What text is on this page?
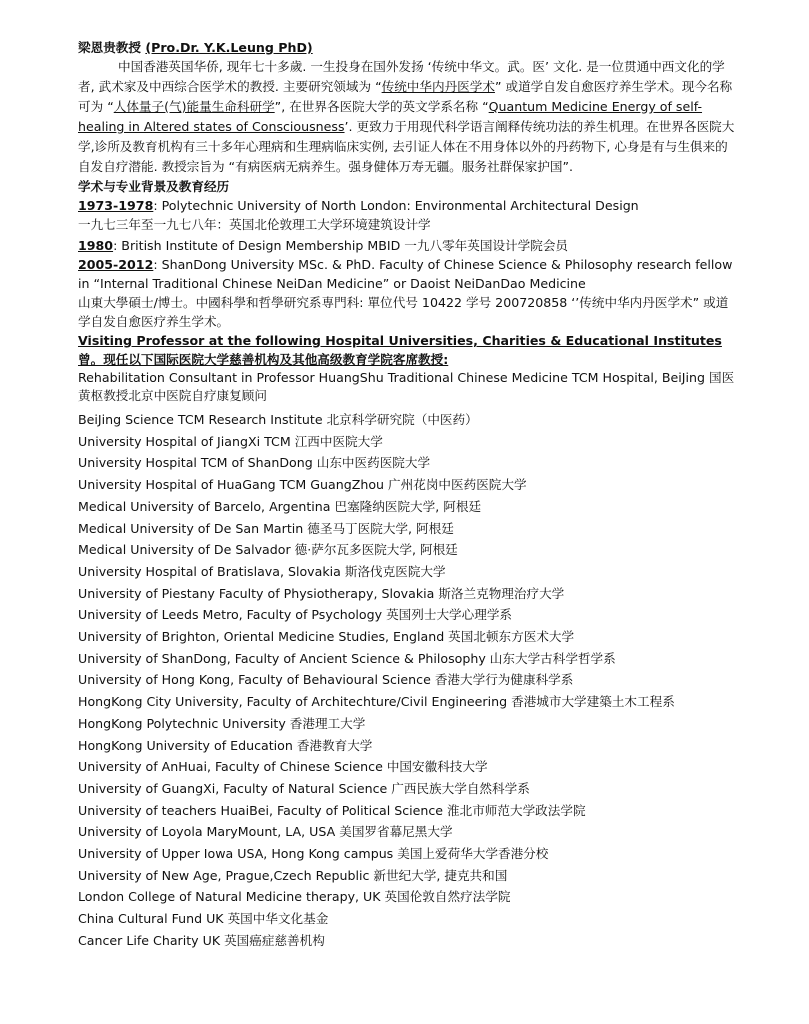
梁恩贵教授 (Pro.Dr. Y.K.Leung PhD)

中国香港英国华侨, 现年七十多歲. 一生投身在国外发扬 ‘传统中华文。武。医’ 文化. 是一位贯通中西文化的学者, 武术家及中西综合医学术的教授. 主要研究领域为 “传统中华内丹医学术” 或道学自发自愈医疗养生学术。现今名称可为 “人体量子(气)能量生命科研学”, 在世界各医院大学的英文学系名称 “Quantum Medicine Energy of self-healing in Altered states of Consciousness’. 更致力于用现代科学语言阐释传统功法的养生机理。在世界各医院大学,诊所及教育机构有三十多年心理病和生理病临床实例, 去引证人体在不用身体以外的丹药物下, 心身是有与生俱来的自发自疗潜能. 教授宗旨为 “有病医病无病养生。强身健体万寿无疆。服务社群保家护国”.

学术与专业背景及教育经历

1973-1978: Polytechnic University of North London: Environmental Architectural Design
一九七三年至一九七八年：英国北伦敦理工大学环境建筑设计学

1980: British Institute of Design Membership MBID 一九八零年英国设计学院会员

2005-2012: ShanDong University MSc. & PhD. Faculty of Chinese Science & Philosophy research fellow in “Internal Traditional Chinese NeiDan Medicine” or Daoist NeiDanDao Medicine
山東大學碩士/博士。中國科學和哲學研究系専門科: 單位代号 10422 学号 200720858 ‘’传统中华内丹医学术” 或道学自发自愈医疗养生学术。

Visiting Professor at the following Hospital Universities, Charities & Educational Institutes

曾。现任以下国际医院大学慈善机构及其他高级教育学院客席教授:

Rehabilitation Consultant in Professor HuangShu Traditional Chinese Medicine TCM Hospital, BeiJing 国医黄枢教授北京中医院自疗康复顾问
BeiJing Science TCM Research Institute 北京科学研究院（中医药）
University Hospital of JiangXi TCM 江西中医院大学
University Hospital TCM of ShanDong 山东中医药医院大学
University Hospital of HuaGang TCM GuangZhou 广州花岗中医药医院大学
Medical University of Barcelo, Argentina 巴塞隆纳医院大学, 阿根廷
Medical University of De San Martin 德圣马丁医院大学, 阿根廷
Medical University of De Salvador 德·萨尔瓦多医院大学, 阿根廷
University Hospital of Bratislava, Slovakia 斯洛伐克医院大学
University of Piestany Faculty of Physiotherapy, Slovakia 斯洛兰克物理治疗大学
University of Leeds Metro, Faculty of Psychology 英国列士大学心理学系
University of Brighton, Oriental Medicine Studies, England 英国北顿东方医术大学
University of ShanDong, Faculty of Ancient Science & Philosophy 山东大学古科学哲学系
University of Hong Kong, Faculty of Behavioural Science 香港大学行为健康科学系
HongKong City University, Faculty of Architechture/Civil Engineering 香港城市大学建築土木工程系
HongKong Polytechnic University 香港理工大学
HongKong University of Education 香港教育大学
University of AnHuai, Faculty of Chinese Science 中国安徽科技大学
University of GuangXi, Faculty of Natural Science 广西民族大学自然科学系
University of teachers HuaiBei, Faculty of Political Science 淮北市师范大学政法学院
University of Loyola MaryMount, LA, USA 美国罗省幕尼黑大学
University of Upper Iowa USA, Hong Kong campus 美国上爱荷华大学香港分校
University of New Age, Prague,Czech Republic 新世纪大学, 捷克共和国
London College of Natural Medicine therapy, UK 英国伦敦自然疗法学院
China Cultural Fund UK 英国中华文化基金
Cancer Life Charity UK 英国癌症慈善机构
